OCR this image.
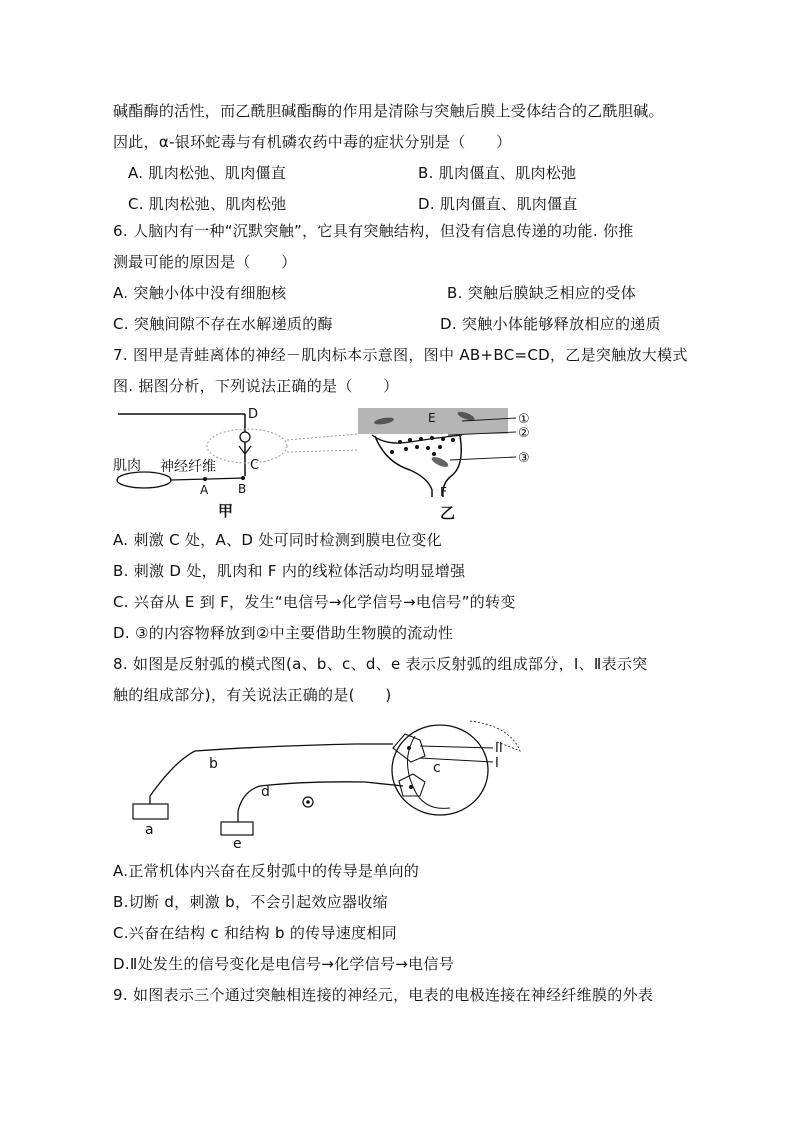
碱酯酶的活性，而乙酰胆碱酯酶的作用是清除与突触后膜上受体结合的乙酰胆碱。
因此，α-银环蛇毒与有机磷农药中毒的症状分别是（　　）
A. 肌肉松弛、肌肉僵直	B. 肌肉僵直、肌肉松弛
C. 肌肉松弛、肌肉松弛	D. 肌肉僵直、肌肉僵直
6. 人脑内有一种“沉默突触”，它具有突触结构，但没有信息传递的功能. 你推
测最可能的原因是（　　）
A. 突触小体中没有细胞核	B. 突触后膜缺乏相应的受体
C. 突触间隙不存在水解递质的酶	D. 突触小体能够释放相应的递质
7. 图甲是青蛙离体的神经－肌肉标本示意图，图中 AB+BC=CD，乙是突触放大模式
图. 据图分析，下列说法正确的是（　　）
D
肌肉 神经纤维	C
A B
甲
E
F
①
②
③
乙
A. 刺激 C 处，A、D 处可同时检测到膜电位变化
B. 刺激 D 处，肌肉和 F 内的线粒体活动均明显增强
C. 兴奋从 E 到 F，发生“电信号→化学信号→电信号”的转变
D. ③的内容物释放到②中主要借助生物膜的流动性
8. 如图是反射弧的模式图(a、b、c、d、e 表示反射弧的组成部分，Ⅰ、Ⅱ表示突
触的组成部分)，有关说法正确的是(　　)
c
b
a
d
e
II
I
A.正常机体内兴奋在反射弧中的传导是单向的
B.切断 d，刺激 b，不会引起效应器收缩
C.兴奋在结构 c 和结构 b 的传导速度相同
D.Ⅱ处发生的信号变化是电信号→化学信号→电信号
9. 如图表示三个通过突触相连接的神经元，电表的电极连接在神经纤维膜的外表
